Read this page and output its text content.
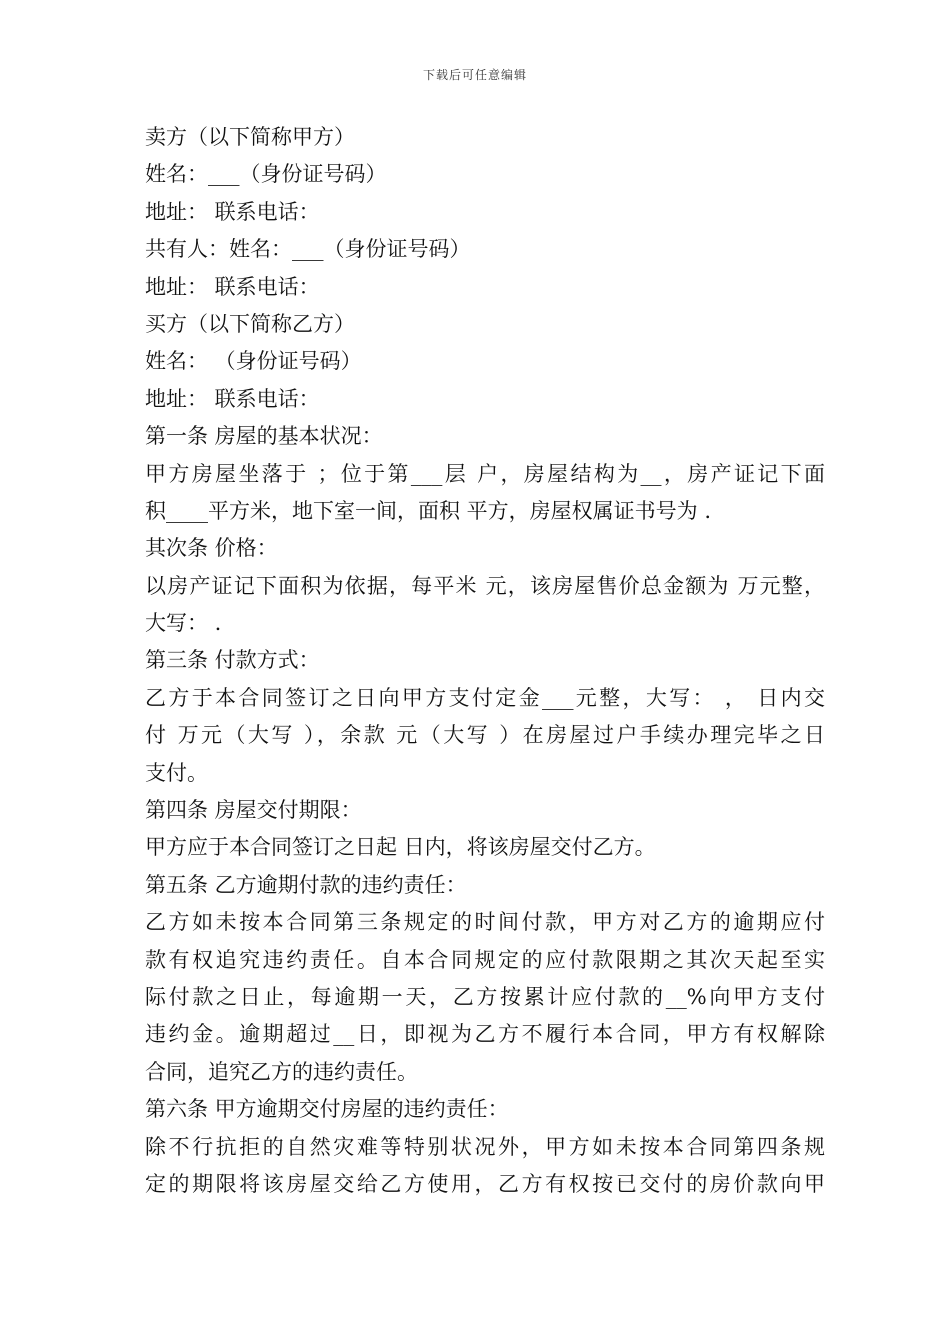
下载后可任意编辑
卖方（以下简称甲方）
姓名：___（身份证号码）
地址： 联系电话：
共有人：姓名：___（身份证号码）
地址： 联系电话：
买方（以下简称乙方）
姓名： （身份证号码）
地址： 联系电话：
第一条 房屋的基本状况：
甲方房屋坐落于 ；位于第___层 户，房屋结构为__，房产证记下面
积____平方米，地下室一间，面积 平方，房屋权属证书号为 .
其次条 价格：
以房产证记下面积为依据，每平米 元，该房屋售价总金额为 万元整，
大写： .
第三条 付款方式：
乙方于本合同签订之日向甲方支付定金___元整，大写： ， 日内交
付 万元（大写 ），余款 元（大写 ）在房屋过户手续办理完毕之日
支付。
第四条 房屋交付期限：
甲方应于本合同签订之日起 日内，将该房屋交付乙方。
第五条 乙方逾期付款的违约责任：
乙方如未按本合同第三条规定的时间付款，甲方对乙方的逾期应付
款有权追究违约责任。自本合同规定的应付款限期之其次天起至实
际付款之日止，每逾期一天，乙方按累计应付款的__%向甲方支付
违约金。逾期超过__日，即视为乙方不履行本合同，甲方有权解除
合同，追究乙方的违约责任。
第六条 甲方逾期交付房屋的违约责任：
除不行抗拒的自然灾难等特别状况外，甲方如未按本合同第四条规
定的期限将该房屋交给乙方使用，乙方有权按已交付的房价款向甲
